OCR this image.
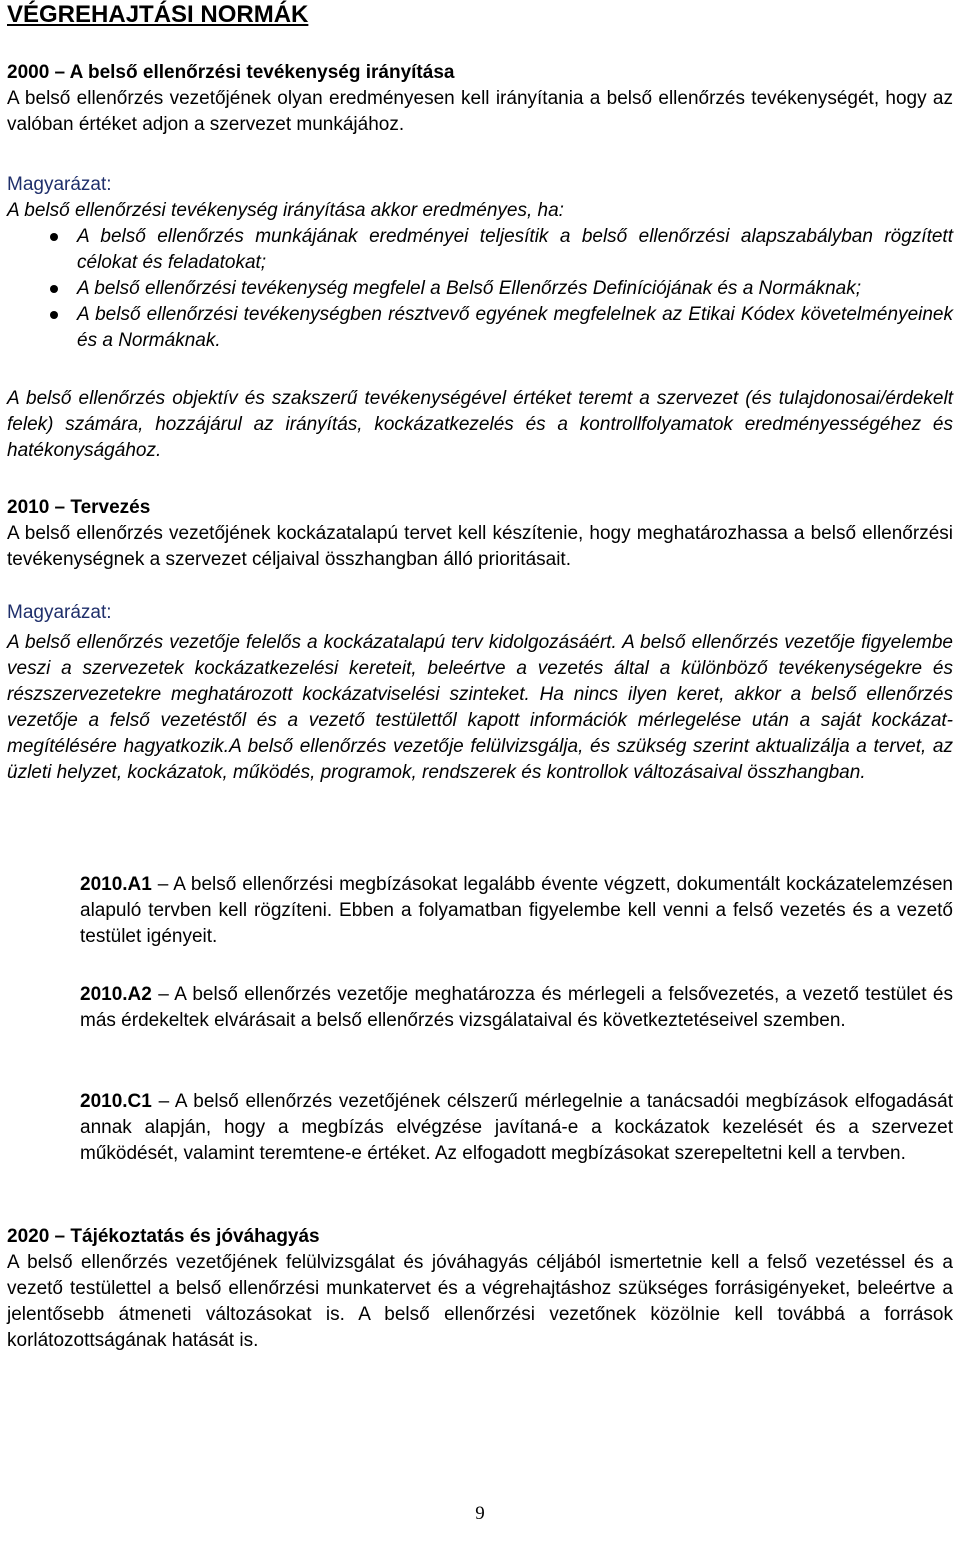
VÉGREHAJTÁSI NORMÁK
2000 – A belső ellenőrzési tevékenység irányítása
A belső ellenőrzés vezetőjének olyan eredményesen kell irányítania a belső ellenőrzés tevékenységét, hogy az valóban értéket adjon a szervezet munkájához.
Magyarázat:
A belső ellenőrzési tevékenység irányítása akkor eredményes, ha:
A belső ellenőrzés munkájának eredményei teljesítik a belső ellenőrzési alapszabályban rögzített célokat és feladatokat;
A belső ellenőrzési tevékenység megfelel a Belső Ellenőrzés Definíciójának és a Normáknak;
A belső ellenőrzési tevékenységben résztvevő egyének megfelelnek az Etikai Kódex követelményeinek és a Normáknak.
A belső ellenőrzés objektív és szakszerű tevékenységével értéket teremt a szervezet (és tulajdonosai/érdekelt felek) számára, hozzájárul az irányítás, kockázatkezelés és a kontrollfolyamatok eredményességéhez és hatékonyságához.
2010 – Tervezés
A belső ellenőrzés vezetőjének kockázatalapú tervet kell készítenie, hogy meghatározhassa a belső ellenőrzési tevékenységnek a szervezet céljaival összhangban álló prioritásait.
Magyarázat:
A belső ellenőrzés vezetője felelős a kockázatalapú terv kidolgozásáért. A belső ellenőrzés vezetője figyelembe veszi a szervezetek kockázatkezelési kereteit, beleértve a vezetés által a különböző tevékenységekre és részszervezetekre meghatározott kockázatviselési szinteket. Ha nincs ilyen keret, akkor a belső ellenőrzés vezetője a felső vezetéstől és a vezető testülettől kapott információk mérlegelése után a saját kockázat-megítélésére hagyatkozik.A belső ellenőrzés vezetője felülvizsgálja, és szükség szerint aktualizálja a tervet, az üzleti helyzet, kockázatok, működés, programok, rendszerek és kontrollok változásaival összhangban.
2010.A1 – A belső ellenőrzési megbízásokat legalább évente végzett, dokumentált kockázatelemzésen alapuló tervben kell rögzíteni. Ebben a folyamatban figyelembe kell venni a felső vezetés és a vezető testület igényeit.
2010.A2 – A belső ellenőrzés vezetője meghatározza és mérlegeli a felsővezetés, a vezető testület és más érdekeltek elvárásait a belső ellenőrzés vizsgálataival és következtetéseivel szemben.
2010.C1 – A belső ellenőrzés vezetőjének célszerű mérlegelnie a tanácsadói megbízások elfogadását annak alapján, hogy a megbízás elvégzése javítaná-e a kockázatok kezelését és a szervezet működését, valamint teremtene-e értéket. Az elfogadott megbízásokat szerepeltetni kell a tervben.
2020 – Tájékoztatás és jóváhagyás
A belső ellenőrzés vezetőjének felülvizsgálat és jóváhagyás céljából ismertetnie kell a felső vezetéssel és a vezető testülettel a belső ellenőrzési munkatervet és a végrehajtáshoz szükséges forrásigényeket, beleértve a jelentősebb átmeneti változásokat is. A belső ellenőrzési vezetőnek közölnie kell továbbá a források korlátozottságának hatását is.
9
